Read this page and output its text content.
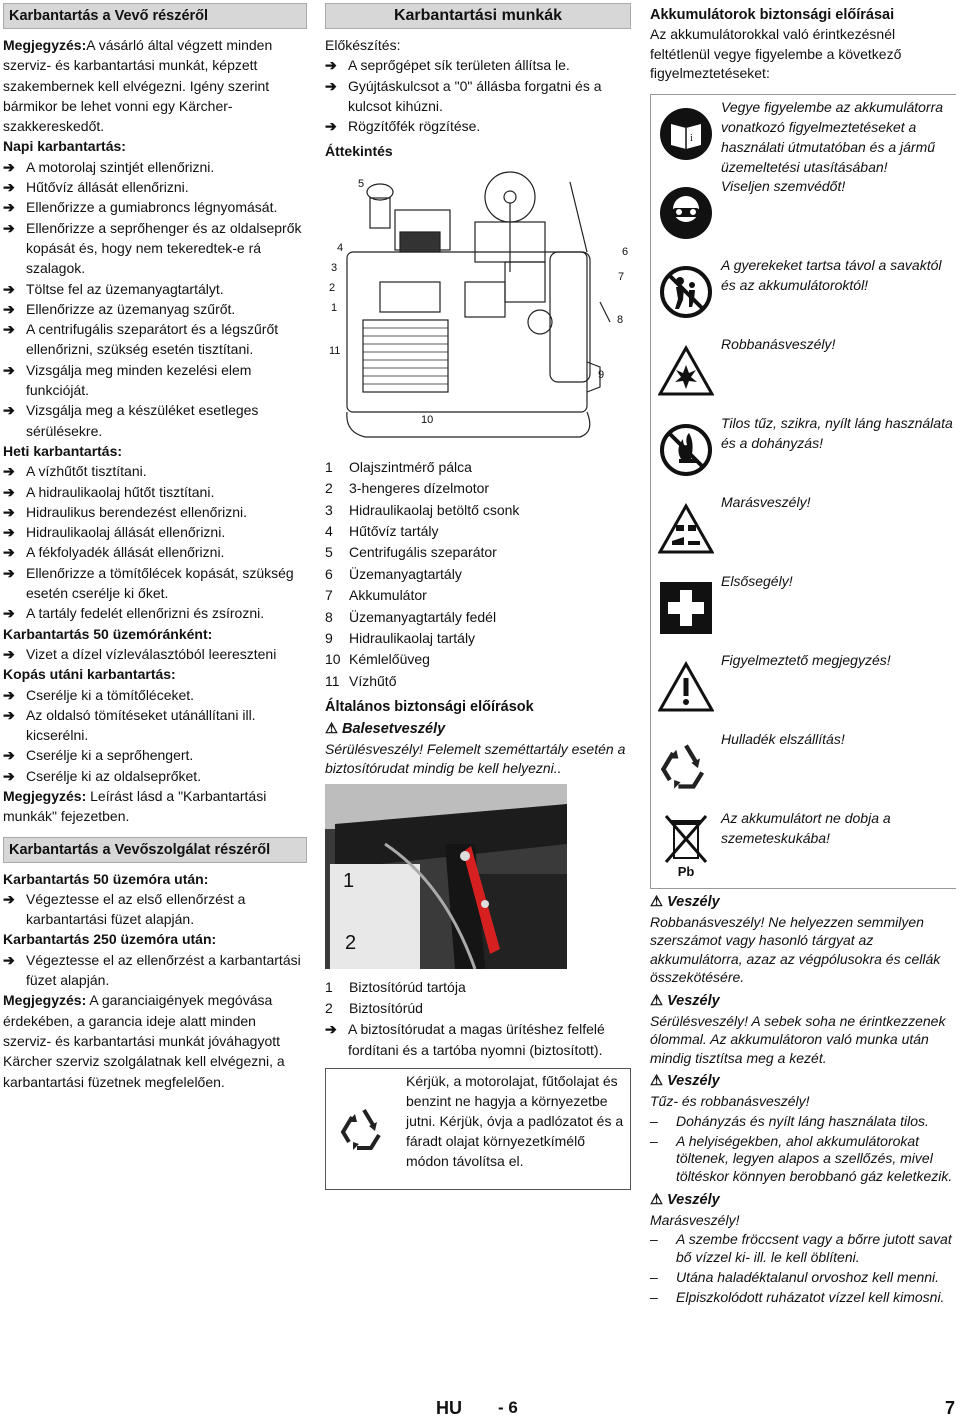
Karbantartás a Vevő részéről

Megjegyzés:A vásárló által végzett minden szerviz- és karbantartási munkát, képzett szakembernek kell elvégezni. Igény szerint bármikor be lehet vonni egy Kärcher-szakkereskedőt.

Napi karbantartás:

➔ A motorolaj szintjét ellenőrizni.
➔ Hűtővíz állását ellenőrizni.
➔ Ellenőrizze a gumiabroncs légnyomását.
➔ Ellenőrizze a seprőhenger és az oldalseprők kopását és, hogy nem tekeredtek-e rá szalagok.
➔ Töltse fel az üzemanyagtartályt.
➔ Ellenőrizze az üzemanyag szűrőt.
➔ A centrifugális szeparátort és a légszűrőt ellenőrizni, szükség esetén tisztítani.
➔ Vizsgálja meg minden kezelési elem funkcióját.
➔ Vizsgálja meg a készüléket esetleges sérülésekre.

Heti karbantartás:

➔ A vízhűtőt tisztítani.
➔ A hidraulikaolaj hűtőt tisztítani.
➔ Hidraulikus berendezést ellenőrizni.
➔ Hidraulikaolaj állását ellenőrizni.
➔ A fékfolyadék állását ellenőrizni.
➔ Ellenőrizze a tömítőlécek kopását, szükség esetén cserélje ki őket.
➔ A tartály fedelét ellenőrizni és zsírozni.

Karbantartás 50 üzemóránként:

➔ Vizet a dízel vízleválasztóból leereszteni

Kopás utáni karbantartás:

➔ Cserélje ki a tömítőléceket.
➔ Az oldalsó tömítéseket utánállítani ill. kicserélni.
➔ Cserélje ki a seprőhengert.
➔ Cserélje ki az oldalseprőket.

Megjegyzés: Leírást lásd a "Karbantartási munkák" fejezetben.

Karbantartás a Vevőszolgálat részéről

Karbantartás 50 üzemóra után:

➔ Végeztesse el az első ellenőrzést a karbantartási füzet alapján.

Karbantartás 250 üzemóra után:

➔ Végeztesse el az ellenőrzést a karbantartási füzet alapján.

Megjegyzés: A garanciaigények megóvása érdekében, a garancia ideje alatt minden szerviz- és karbantartási munkát jóváhagyott Kärcher szerviz szolgálatnak kell elvégezni, a karbantartási füzetnek megfelelően.

Karbantartási munkák

Előkészítés:

➔ A seprőgépet sík területen állítsa le.
➔ Gyújtáskulcsot a "0" állásba forgatni és a kulcsot kihúzni.
➔ Rögzítőfék rögzítése.

Áttekintés

5
4
3
2
1
11
6
7
8
9
10
1 Olajszintmérő pálca
2 3-hengeres dízelmotor
3 Hidraulikaolaj betöltő csonk
4 Hűtővíz tartály
5 Centrifugális szeparátor
6 Üzemanyagtartály
7 Akkumulátor
8 Üzemanyagtartály fedél
9 Hidraulikaolaj tartály
10 Kémlelőüveg
11 Vízhűtő

Általános biztonsági előírások

⚠ Balesetveszély

Sérülésveszély! Felemelt szeméttartály esetén a biztosítórudat mindig be kell helyezni..

1
2
1 Biztosítórúd tartója
2 Biztosítórúd
➔ A biztosítórudat a magas ürítéshez felfelé fordítani és a tartóba nyomni (biztosított).
Kérjük, a motorolajat, fűtőolajat és benzint ne hagyja a környezetbe jutni. Kérjük, óvja a padlózatot és a fáradt olajat környezetkímélő módon távolítsa el.

Akkumulátorok biztonsági előírásai

Az akkumulátorokkal való érintkezésnél feltétlenül vegye figyelembe a következő figyelmeztetéseket:

i
Vegye figyelembe az akkumulátorra vonatkozó figyelmeztetéseket a használati útmutatóban és a jármű üzemeltetési utasításában!
Viseljen szemvédőt!
A gyerekeket tartsa távol a savaktól és az akkumulátoroktól!
Robbanásveszély!
Tilos tűz, szikra, nyílt láng használata és a dohányzás!
Marásveszély!
Elsősegély!
Figyelmeztető megjegyzés!
Hulladék elszállítás!
Pb
Az akkumulátort ne dobja a szemeteskukába!
⚠ Veszély

Robbanásveszély! Ne helyezzen semmilyen szerszámot vagy hasonló tárgyat az akkumulátorra, azaz az végpólusokra és cellák összekötésére.

⚠ Veszély

Sérülésveszély! A sebek soha ne érintkezzenek ólommal. Az akkumulátoron való munka után mindig tisztítsa meg a kezét.

⚠ Veszély

Tűz- és robbanásveszély!

– Dohányzás és nyílt láng használata tilos.
– A helyiségekben, ahol akkumulátorokat töltenek, legyen alapos a szellőzés, mivel töltéskor könnyen berobbanó gáz keletkezik.
⚠ Veszély

Marásveszély!

– A szembe fröccsent vagy a bőrre jutott savat bő vízzel ki- ill. le kell öblíteni.
– Utána haladéktalanul orvoshoz kell menni.
– Elpiszkolódott ruházatot vízzel kell kimosni.
HU - 6	7
